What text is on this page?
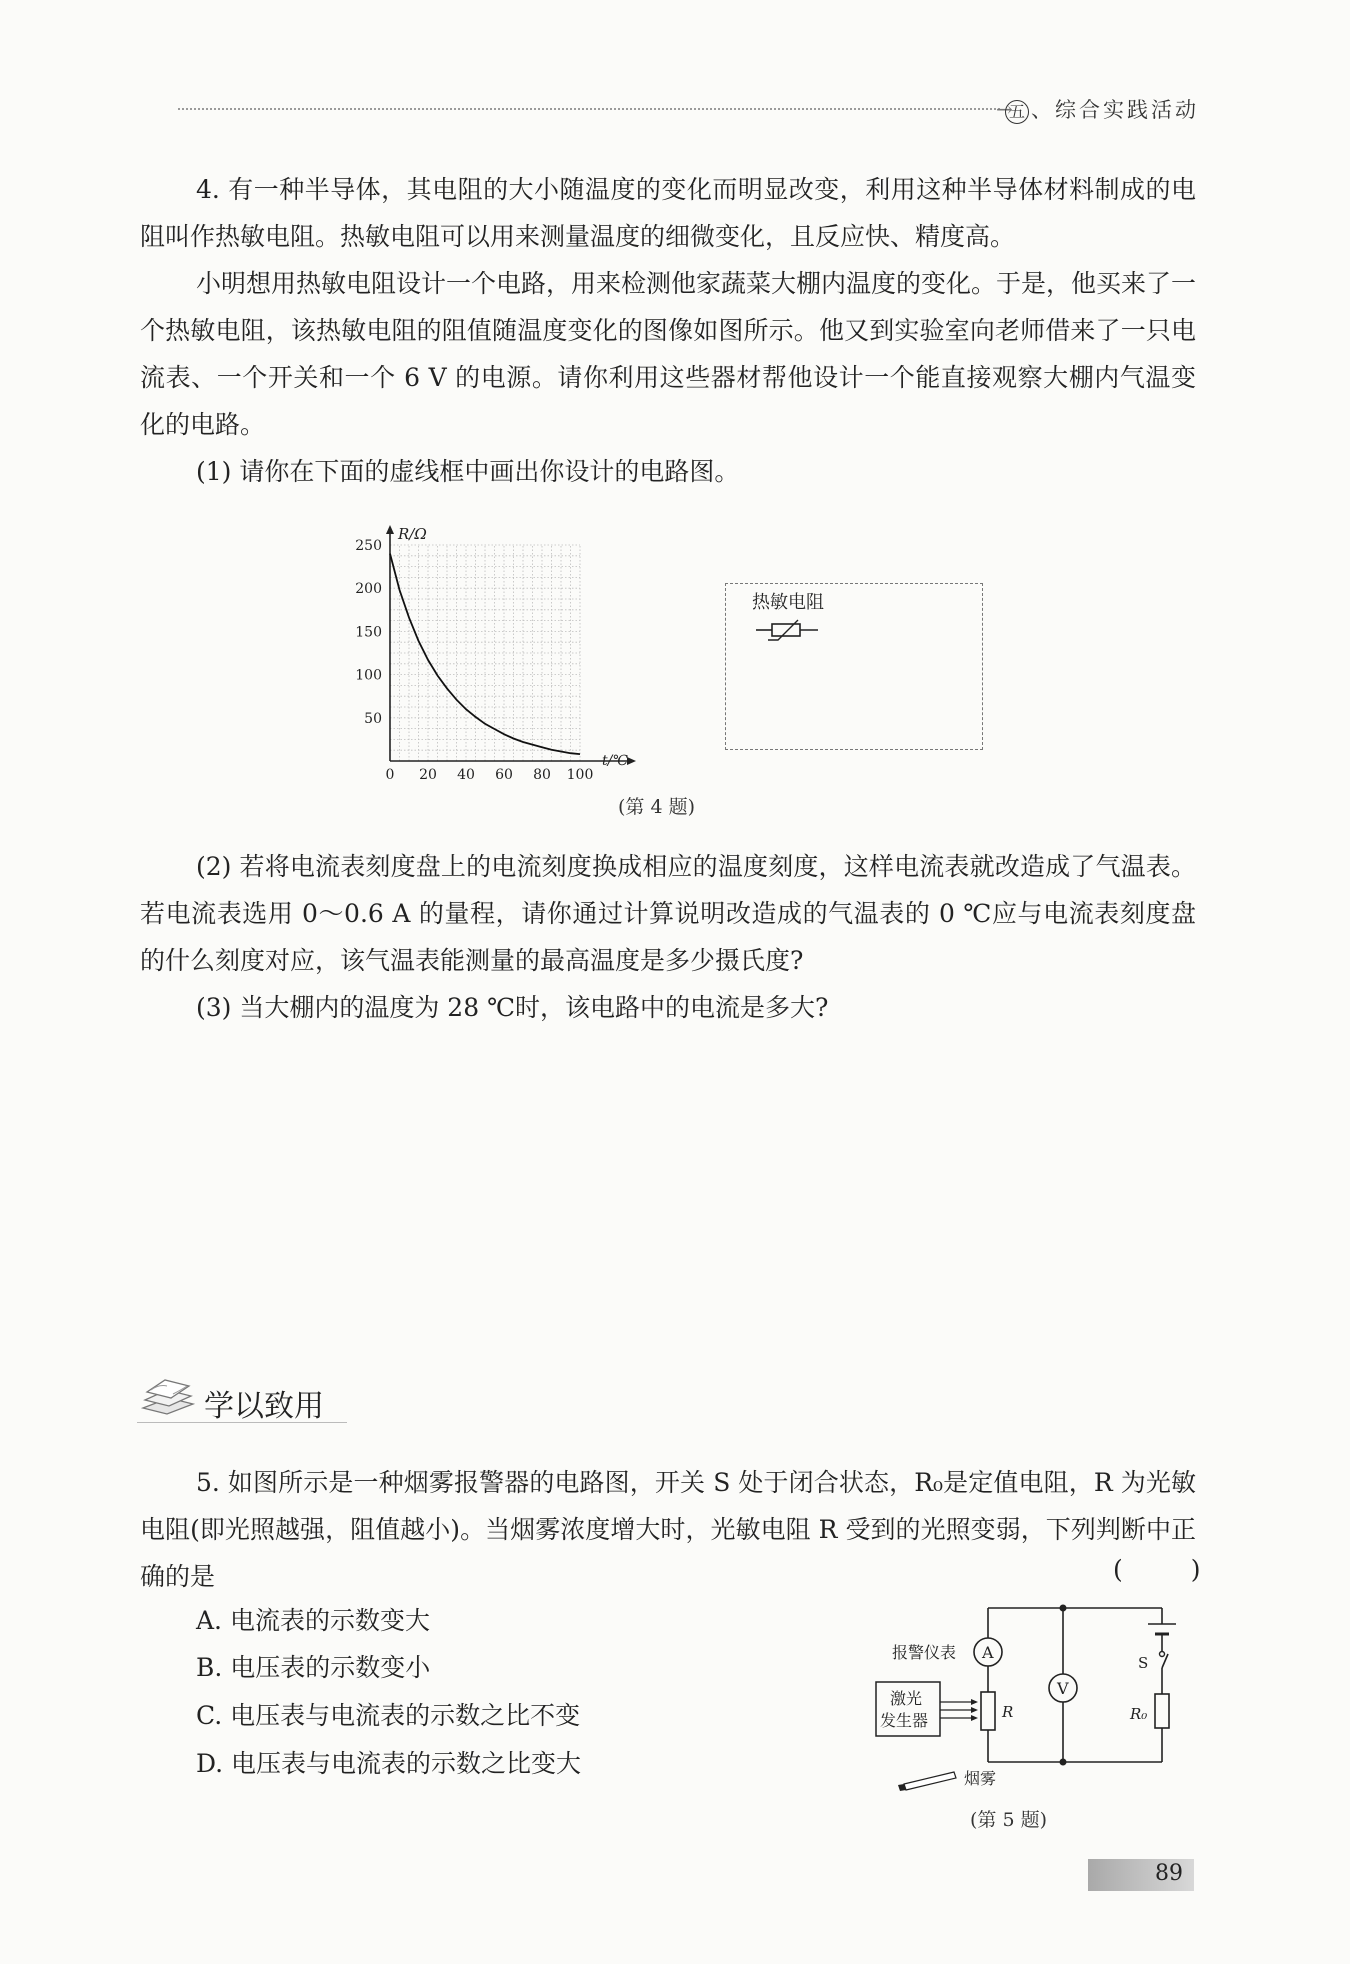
→
五 、综合实践活动
4. 有一种半导体，其电阻的大小随温度的变化而明显改变，利用这种半导体材料制成的电阻叫作热敏电阻。热敏电阻可以用来测量温度的细微变化，且反应快、精度高。
小明想用热敏电阻设计一个电路，用来检测他家蔬菜大棚内温度的变化。于是，他买来了一个热敏电阻，该热敏电阻的阻值随温度变化的图像如图所示。他又到实验室向老师借来了一只电流表、一个开关和一个 6 V 的电源。请你利用这些器材帮他设计一个能直接观察大棚内气温变化的电路。
(1) 请你在下面的虚线框中画出你设计的电路图。
0 20 40 60 80 100
50
100
150
200
250
R/Ω
t/℃
热敏电阻
(第 4 题)
(2) 若将电流表刻度盘上的电流刻度换成相应的温度刻度，这样电流表就改造成了气温表。若电流表选用 0～0.6 A 的量程，请你通过计算说明改造成的气温表的 0 ℃应与电流表刻度盘的什么刻度对应，该气温表能测量的最高温度是多少摄氏度?
(3) 当大棚内的温度为 28 ℃时，该电路中的电流是多大?
学以致用
5. 如图所示是一种烟雾报警器的电路图，开关 S 处于闭合状态，R₀是定值电阻，R 为光敏电阻(即光照越强，阻值越小)。当烟雾浓度增大时，光敏电阻 R 受到的光照变弱，下列判断中正确的是	( )
A. 电流表的示数变大
B. 电压表的示数变小
C. 电压表与电流表的示数之比不变
D. 电压表与电流表的示数之比变大
A
V
激光
发生器	R	R₀
S
报警仪表
烟雾
(第 5 题)
89
